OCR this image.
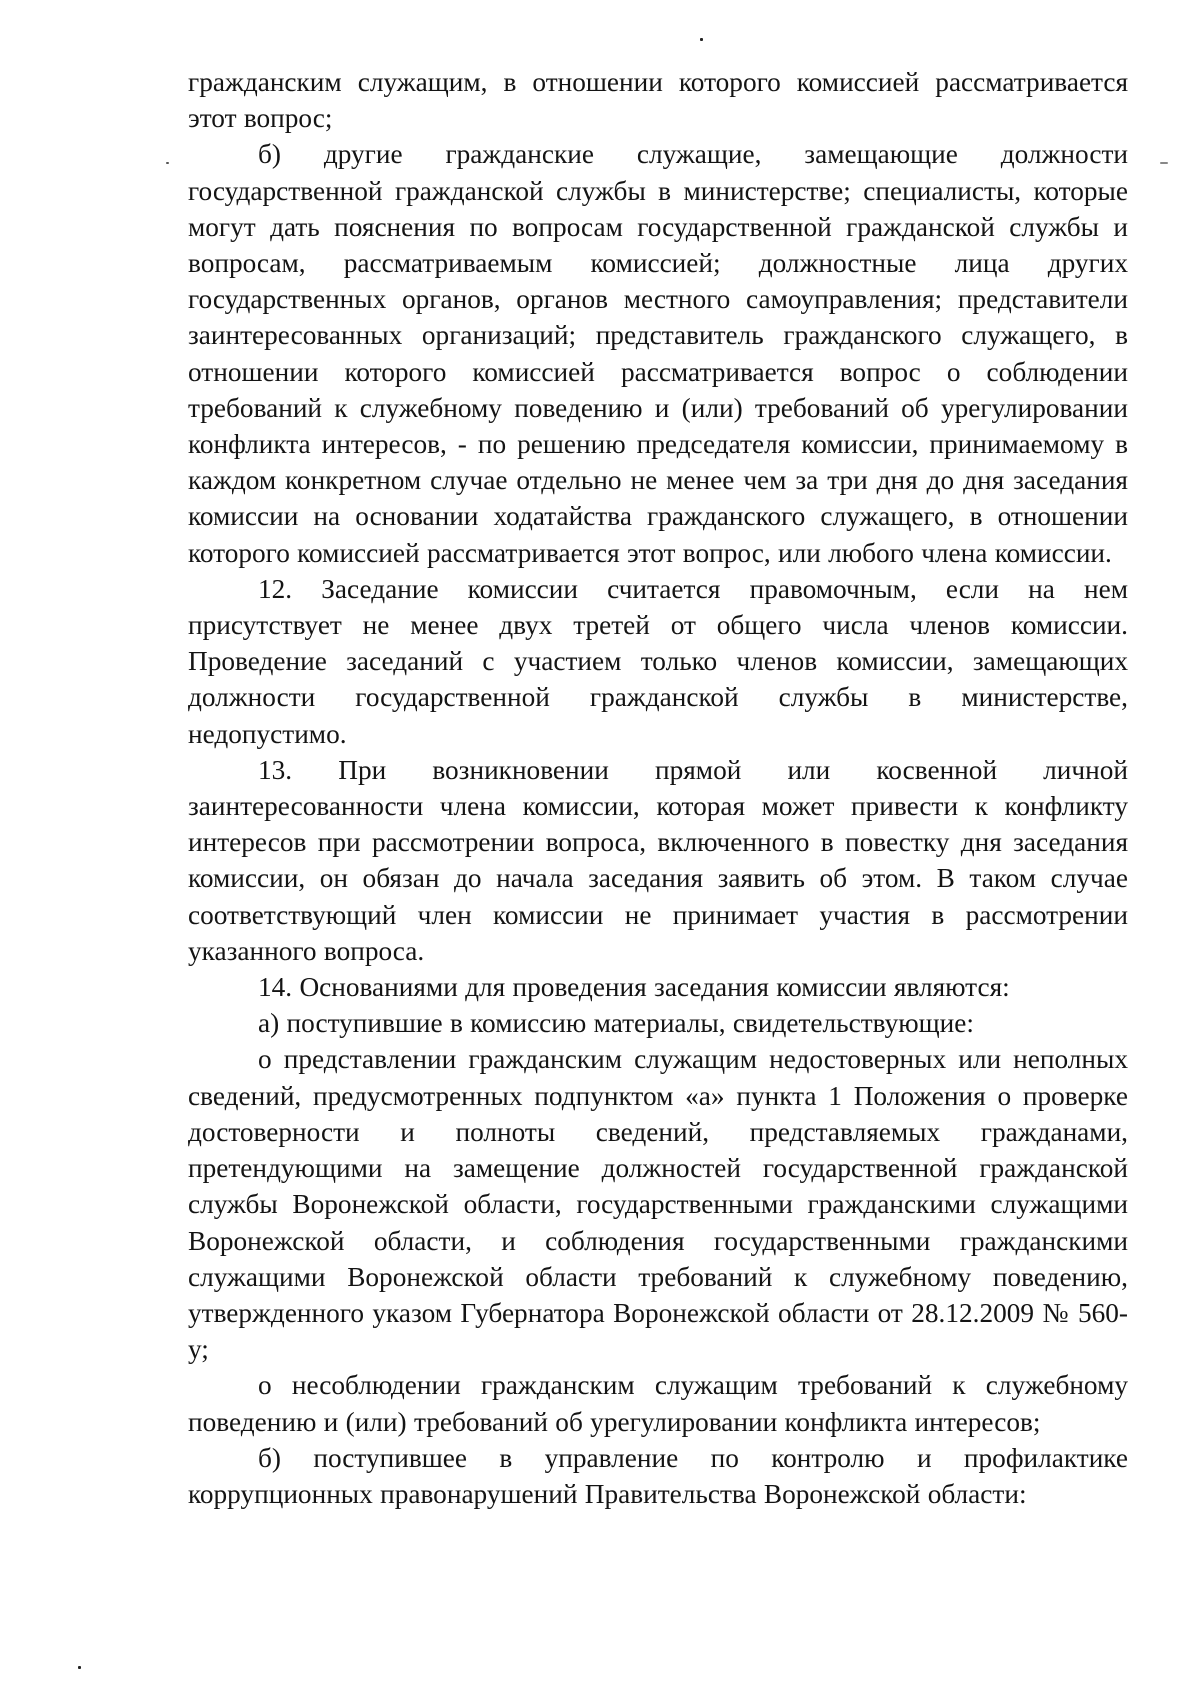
гражданским служащим, в отношении которого комиссией рассматривается этот вопрос;

б) другие гражданские служащие, замещающие должности государственной гражданской службы в министерстве; специалисты, которые могут дать пояснения по вопросам государственной гражданской службы и вопросам, рассматриваемым комиссией; должностные лица других государственных органов, органов местного самоуправления; представители заинтересованных организаций; представитель гражданского служащего, в отношении которого комиссией рассматривается вопрос о соблюдении требований к служебному поведению и (или) требований об урегулировании конфликта интересов, - по решению председателя комиссии, принимаемому в каждом конкретном случае отдельно не менее чем за три дня до дня заседания комиссии на основании ходатайства гражданского служащего, в отношении которого комиссией рассматривается этот вопрос, или любого члена комиссии.

12. Заседание комиссии считается правомочным, если на нем присутствует не менее двух третей от общего числа членов комиссии. Проведение заседаний с участием только членов комиссии, замещающих должности государственной гражданской службы в министерстве, недопустимо.

13. При возникновении прямой или косвенной личной заинтересованности члена комиссии, которая может привести к конфликту интересов при рассмотрении вопроса, включенного в повестку дня заседания комиссии, он обязан до начала заседания заявить об этом. В таком случае соответствующий член комиссии не принимает участия в рассмотрении указанного вопроса.

14. Основаниями для проведения заседания комиссии являются:

а) поступившие в комиссию материалы, свидетельствующие:

о представлении гражданским служащим недостоверных или неполных сведений, предусмотренных подпунктом «а» пункта 1 Положения о проверке достоверности и полноты сведений, представляемых гражданами, претендующими на замещение должностей государственной гражданской службы Воронежской области, государственными гражданскими служащими Воронежской области, и соблюдения государственными гражданскими служащими Воронежской области требований к служебному поведению, утвержденного указом Губернатора Воронежской области от 28.12.2009 № 560-у;

о несоблюдении гражданским служащим требований к служебному поведению и (или) требований об урегулировании конфликта интересов;

б) поступившее в управление по контролю и профилактике коррупционных правонарушений Правительства Воронежской области:
